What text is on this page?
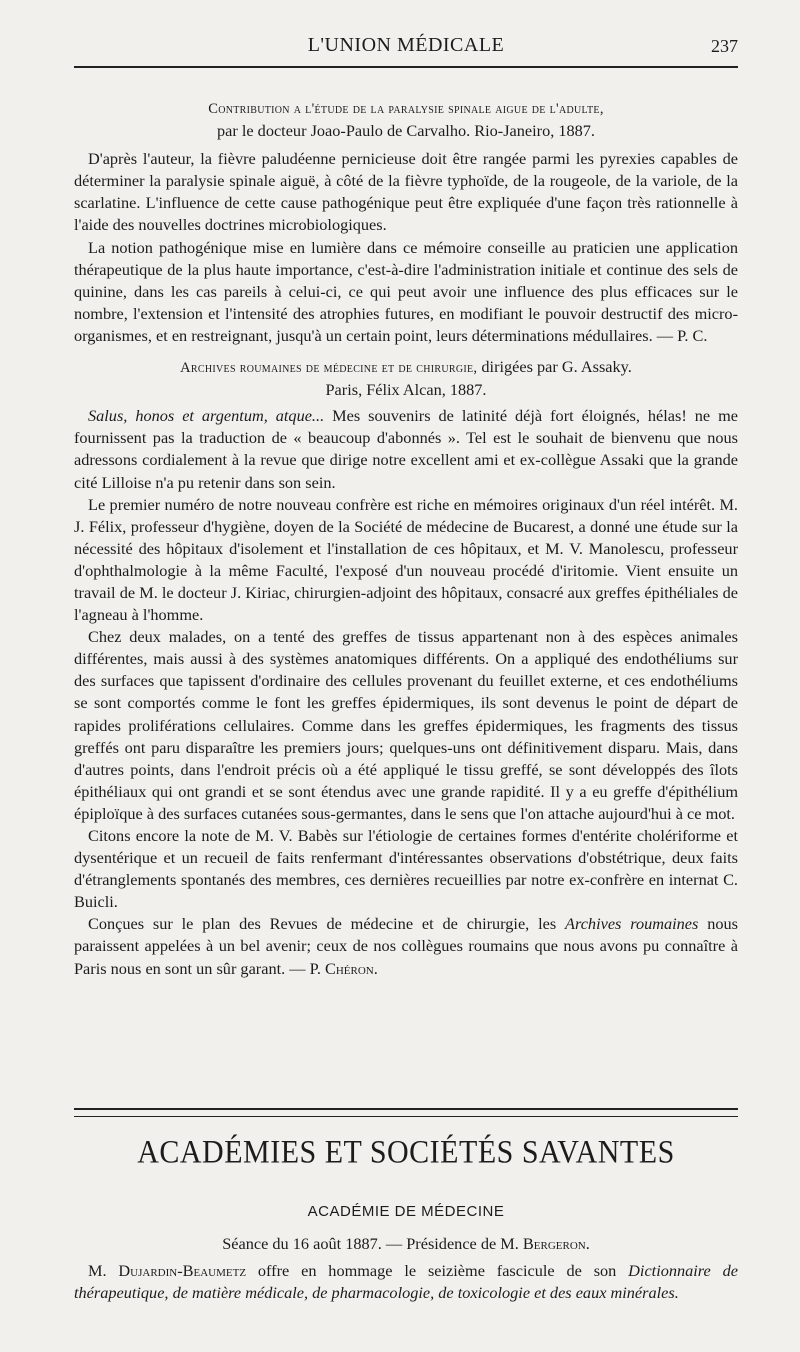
L'UNION MÉDICALE	237

Contribution a l'étude de la paralysie spinale aigue de l'adulte,

par le docteur Joao-Paulo de Carvalho. Rio-Janeiro, 1887.

D'après l'auteur, la fièvre paludéenne pernicieuse doit être rangée parmi les pyrexies capables de déterminer la paralysie spinale aiguë, à côté de la fièvre typhoïde, de la rougeole, de la variole, de la scarlatine. L'influence de cette cause pathogénique peut être expliquée d'une façon très rationnelle à l'aide des nouvelles doctrines microbiologiques.

La notion pathogénique mise en lumière dans ce mémoire conseille au praticien une application thérapeutique de la plus haute importance, c'est-à-dire l'administration initiale et continue des sels de quinine, dans les cas pareils à celui-ci, ce qui peut avoir une influence des plus efficaces sur le nombre, l'extension et l'intensité des atrophies futures, en modifiant le pouvoir destructif des micro-organismes, et en restreignant, jusqu'à un certain point, leurs déterminations médullaires. — P. C.

Archives roumaines de médecine et de chirurgie, dirigées par G. Assaky.

Paris, Félix Alcan, 1887.

Salus, honos et argentum, atque... Mes souvenirs de latinité déjà fort éloignés, hélas! ne me fournissent pas la traduction de « beaucoup d'abonnés ». Tel est le souhait de bienvenu que nous adressons cordialement à la revue que dirige notre excellent ami et ex-collègue Assaki que la grande cité Lilloise n'a pu retenir dans son sein.

Le premier numéro de notre nouveau confrère est riche en mémoires originaux d'un réel intérêt. M. J. Félix, professeur d'hygiène, doyen de la Société de médecine de Bucarest, a donné une étude sur la nécessité des hôpitaux d'isolement et l'installation de ces hôpitaux, et M. V. Manolescu, professeur d'ophthalmologie à la même Faculté, l'exposé d'un nouveau procédé d'iritomie. Vient ensuite un travail de M. le docteur J. Kiriac, chirurgien-adjoint des hôpitaux, consacré aux greffes épithéliales de l'agneau à l'homme.

Chez deux malades, on a tenté des greffes de tissus appartenant non à des espèces animales différentes, mais aussi à des systèmes anatomiques différents. On a appliqué des endothéliums sur des surfaces que tapissent d'ordinaire des cellules provenant du feuillet externe, et ces endothéliums se sont comportés comme le font les greffes épidermiques, ils sont devenus le point de départ de rapides proliférations cellulaires. Comme dans les greffes épidermiques, les fragments des tissus greffés ont paru disparaître les premiers jours; quelques-uns ont définitivement disparu. Mais, dans d'autres points, dans l'endroit précis où a été appliqué le tissu greffé, se sont développés des îlots épithéliaux qui ont grandi et se sont étendus avec une grande rapidité. Il y a eu greffe d'épithélium épiploïque à des surfaces cutanées sous-germantes, dans le sens que l'on attache aujourd'hui à ce mot.

Citons encore la note de M. V. Babès sur l'étiologie de certaines formes d'entérite cholériforme et dysentérique et un recueil de faits renfermant d'intéressantes observations d'obstétrique, deux faits d'étranglements spontanés des membres, ces dernières recueillies par notre ex-confrère en internat C. Buicli.

Conçues sur le plan des Revues de médecine et de chirurgie, les Archives roumaines nous paraissent appelées à un bel avenir; ceux de nos collègues roumains que nous avons pu connaître à Paris nous en sont un sûr garant. — P. Chéron.

ACADÉMIES ET SOCIÉTÉS SAVANTES
ACADÉMIE DE MÉDECINE

Séance du 16 août 1887. — Présidence de M. Bergeron.

M. Dujardin-Beaumetz offre en hommage le seizième fascicule de son Dictionnaire de thérapeutique, de matière médicale, de pharmacologie, de toxicologie et des eaux minérales.
